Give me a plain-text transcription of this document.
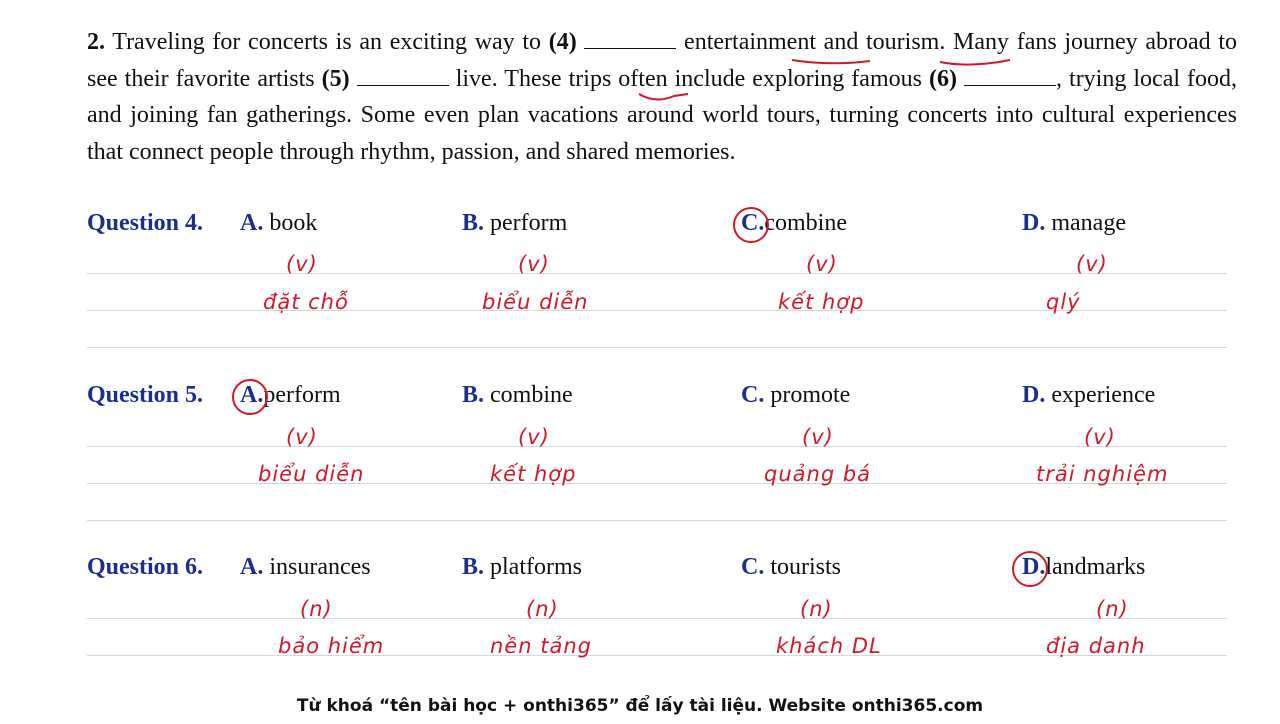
2. Traveling for concerts is an exciting way to (4)	entertainment and tourism. Many fans journey abroad to see their favorite artists (5)	live. These trips often include exploring famous (6)	, trying local food, and joining fan gatherings. Some even plan vacations around world tours, turning concerts into cultural experiences that connect people through rhythm, passion, and shared memories.
Question 4. A. book	B. perform	C.combine	D. manage
(v)	(v)	(v)	(v)
đặt chỗ	biểu diễn	kết hợp	qlý
Question 5. A.perform	B. combine	C. promote	D. experience
(v)	(v)	(v)	(v)
biểu diễn	kết hợp	quảng bá	trải nghiệm
Question 6. A. insurances	B. platforms	C. tourists	D.landmarks
(n)	(n)	(n)	(n)
bảo hiểm	nền tảng	khách DL	địa danh
Từ khoá “tên bài học + onthi365” để lấy tài liệu. Website onthi365.com
